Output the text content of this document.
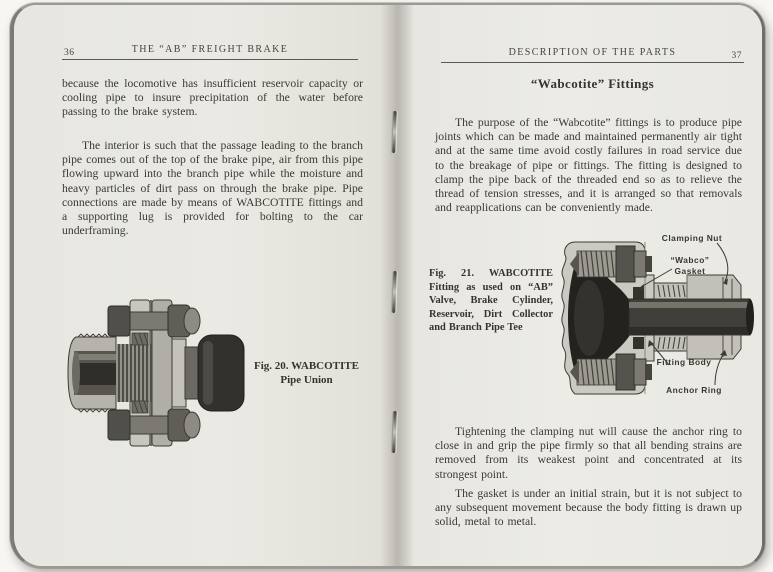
36	THE “AB” FREIGHT BRAKE

because the locomotive has insufficient reservoir capacity or cooling pipe to insure precipitation of the water before passing to the brake system.

The interior is such that the passage leading to the branch pipe comes out of the top of the brake pipe, air from this pipe flowing upward into the branch pipe while the moisture and heavy particles of dirt pass on through the brake pipe. Pipe connections are made by means of WABCOTITE fittings and a supporting lug is provided for bolting to the car underframing.

Fig. 20. WABCOTITE
Pipe Union
DESCRIPTION OF THE PARTS	37
“Wabcotite” Fittings

The purpose of the “Wabcotite” fittings is to produce pipe joints which can be made and maintained permanently air tight and at the same time avoid costly failures in road service due to the breakage of pipe or fittings. The fitting is designed to clamp the pipe back of the threaded end so as to relieve the thread of tension stresses, and it is arranged so that removals and reapplications can be conveniently made.

Fig. 21. WABCOTITE Fitting as used on “AB” Valve, Brake Cylinder, Reservoir, Dirt Collector and Branch Pipe Tee
Clamping Nut
“Wabco” Gasket
Fitting Body
Anchor Ring

Tightening the clamping nut will cause the anchor ring to close in and grip the pipe firmly so that all bending strains are removed from its weakest point and concentrated at its strongest point.

The gasket is under an initial strain, but it is not subject to any subsequent movement because the body fitting is drawn up solid, metal to metal.
